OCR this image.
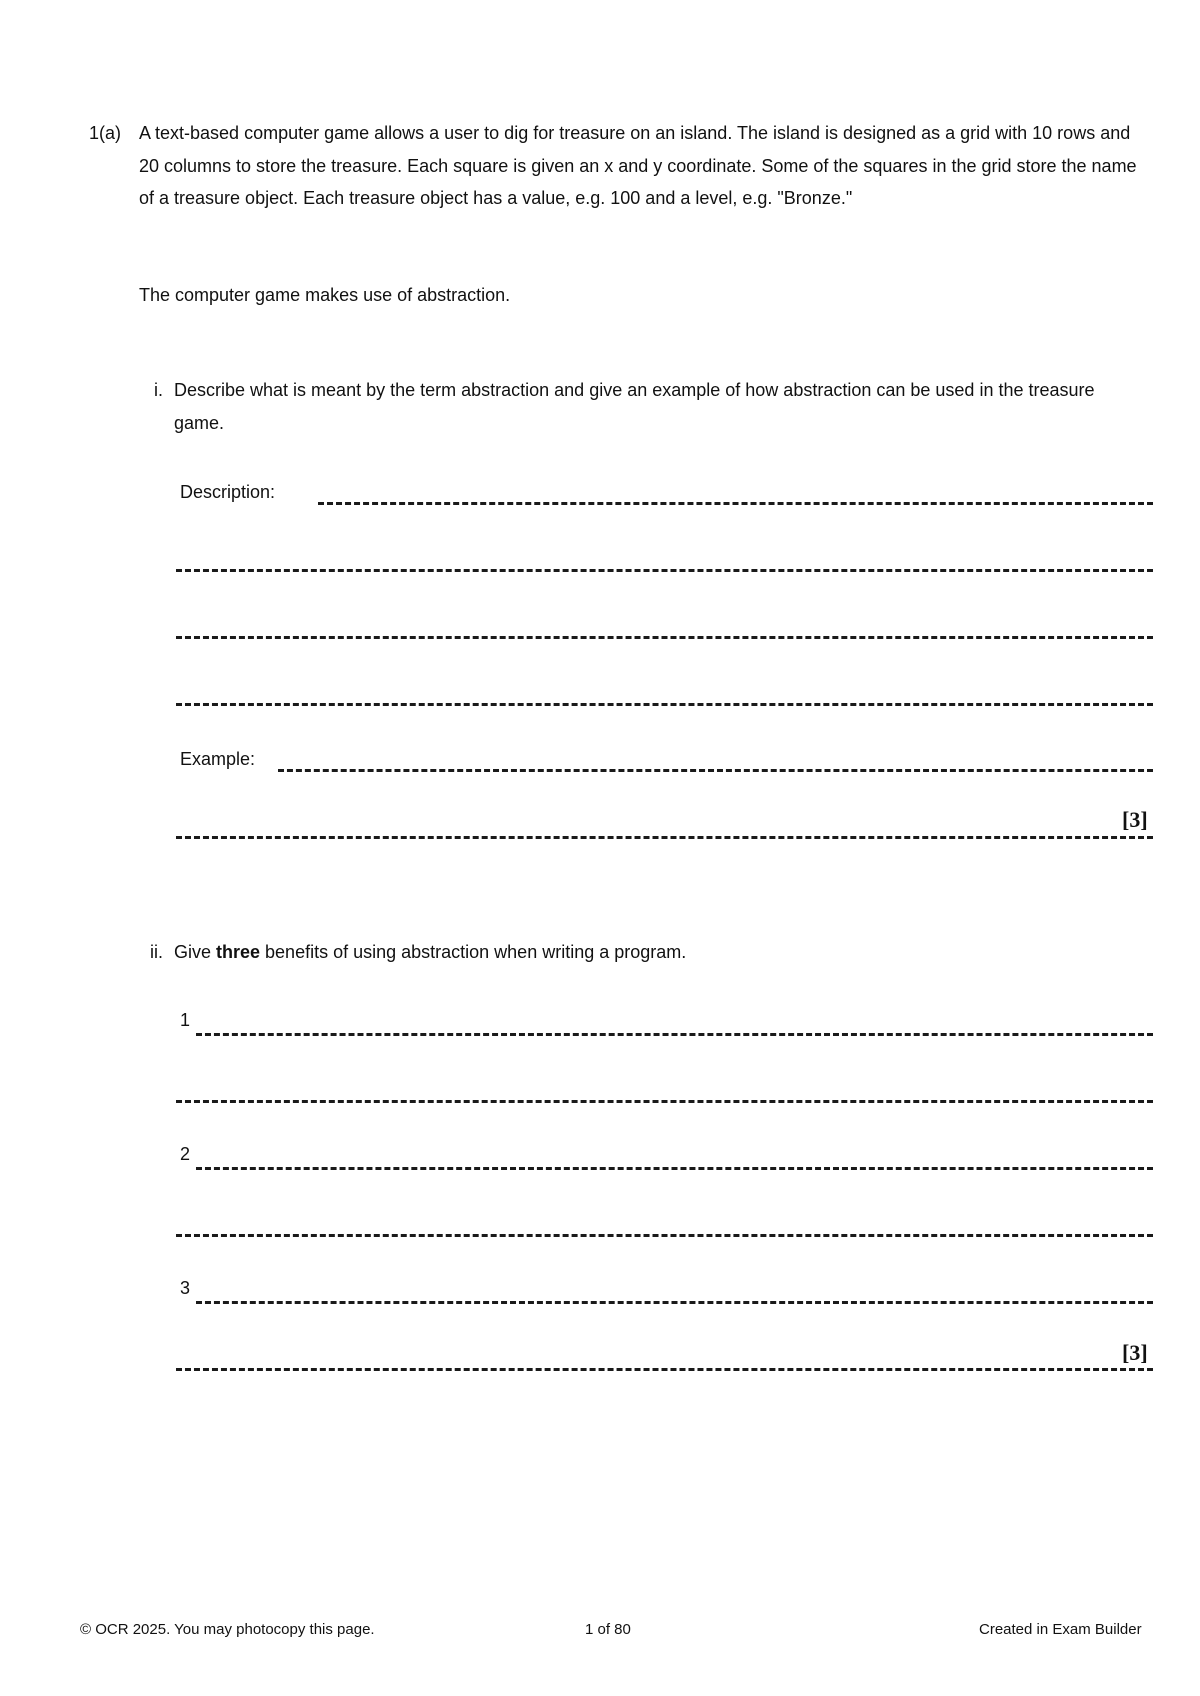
1(a) A text-based computer game allows a user to dig for treasure on an island. The island is designed as a grid with 10 rows and 20 columns to store the treasure. Each square is given an x and y coordinate. Some of the squares in the grid store the name of a treasure object. Each treasure object has a value, e.g. 100 and a level, e.g. "Bronze."
The computer game makes use of abstraction.
i. Describe what is meant by the term abstraction and give an example of how abstraction can be used in the treasure game.
Description:
Example:
[3]
ii. Give three benefits of using abstraction when writing a program.
1
2
3
[3]
© OCR 2025. You may photocopy this page.	1 of 80	Created in Exam Builder
